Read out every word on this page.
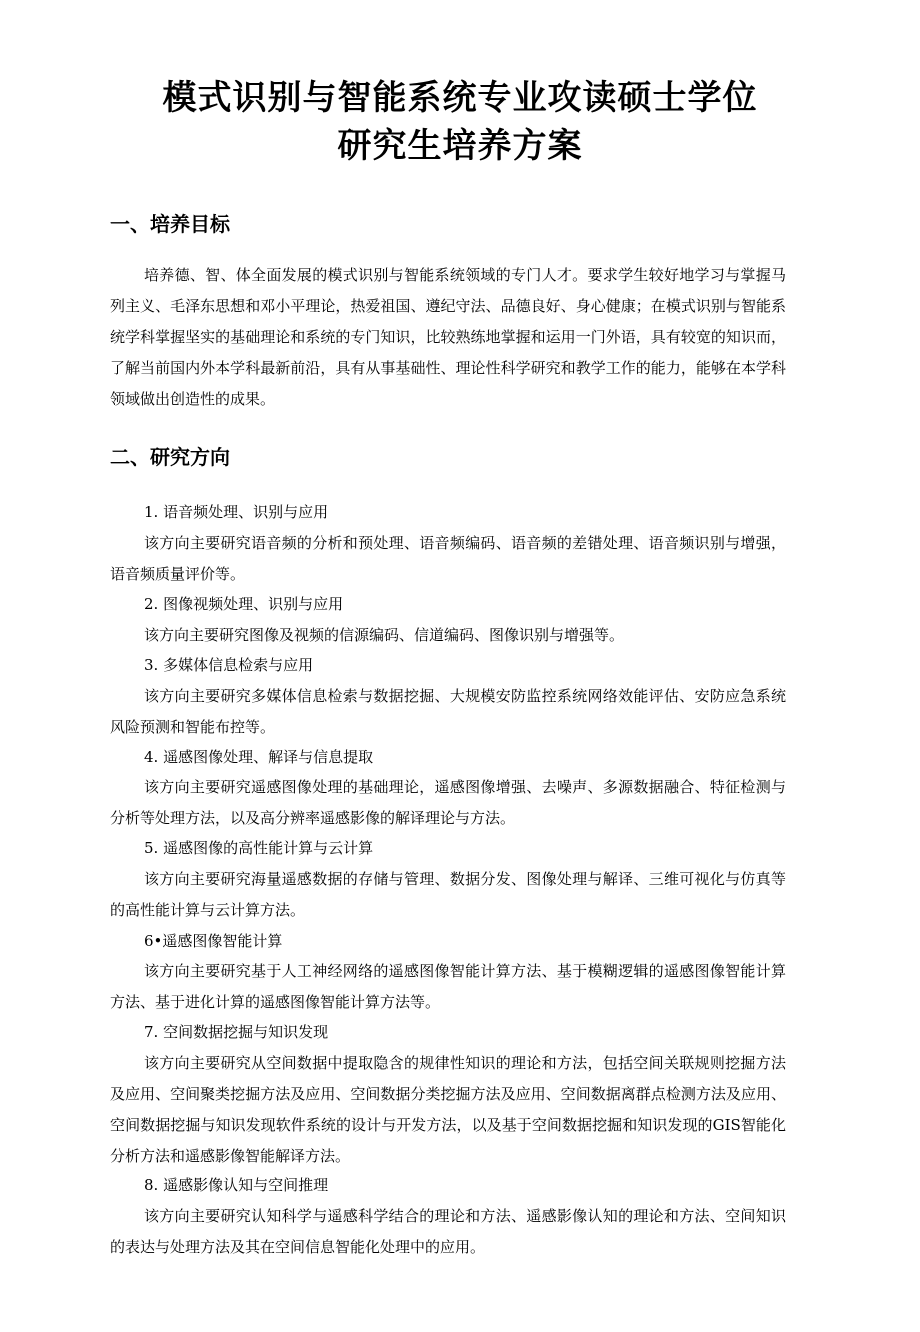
模式识别与智能系统专业攻读硕士学位
研究生培养方案
一、培养目标

培养德、智、体全面发展的模式识别与智能系统领域的专门人才。要求学生较好地学习与掌握马列主义、毛泽东思想和邓小平理论，热爱祖国、遵纪守法、品德良好、身心健康；在模式识别与智能系统学科掌握坚实的基础理论和系统的专门知识，比较熟练地掌握和运用一门外语，具有较宽的知识而，了解当前国内外本学科最新前沿，具有从事基础性、理论性科学研究和教学工作的能力，能够在本学科领域做出创造性的成果。

二、研究方向

1. 语音频处理、识别与应用

该方向主要研究语音频的分析和预处理、语音频编码、语音频的差错处理、语音频识别与增强，语音频质量评价等。

2. 图像视频处理、识别与应用

该方向主要研究图像及视频的信源编码、信道编码、图像识别与增强等。

3. 多媒体信息检索与应用

该方向主要研究多媒体信息检索与数据挖掘、大规模安防监控系统网络效能评估、安防应急系统风险预测和智能布控等。

4. 遥感图像处理、解译与信息提取

该方向主要研究遥感图像处理的基础理论，遥感图像增强、去噪声、多源数据融合、特征检测与分析等处理方法，以及高分辨率遥感影像的解译理论与方法。

5. 遥感图像的高性能计算与云计算

该方向主要研究海量遥感数据的存储与管理、数据分发、图像处理与解译、三维可视化与仿真等的高性能计算与云计算方法。

6•遥感图像智能计算

该方向主要研究基于人工神经网络的遥感图像智能计算方法、基于模糊逻辑的遥感图像智能计算方法、基于进化计算的遥感图像智能计算方法等。

7. 空间数据挖掘与知识发现

该方向主要研究从空间数据中提取隐含的规律性知识的理论和方法，包括空间关联规则挖掘方法及应用、空间聚类挖掘方法及应用、空间数据分类挖掘方法及应用、空间数据离群点检测方法及应用、空间数据挖掘与知识发现软件系统的设计与开发方法，以及基于空间数据挖掘和知识发现的GIS智能化分析方法和遥感影像智能解译方法。

8. 遥感影像认知与空间推理

该方向主要研究认知科学与遥感科学结合的理论和方法、遥感影像认知的理论和方法、空间知识的表达与处理方法及其在空间信息智能化处理中的应用。
